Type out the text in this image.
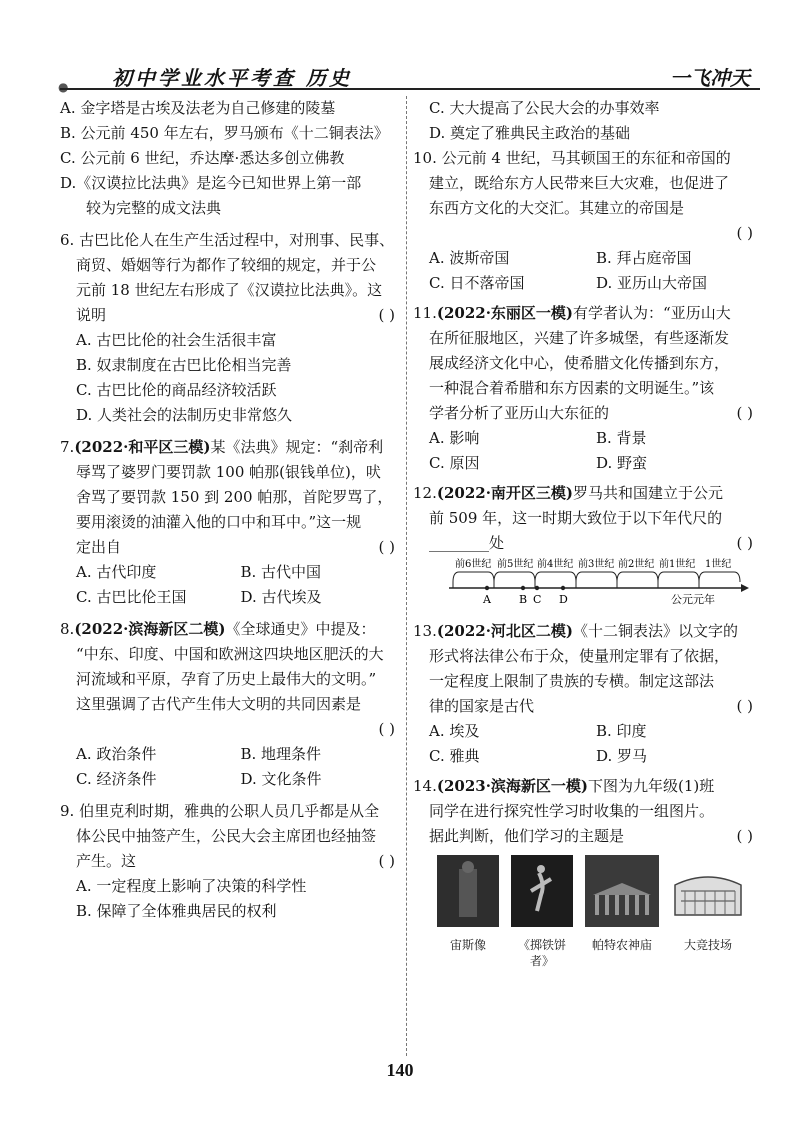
● 初中学业水平考查 历史	一飞冲天
A. 金字塔是古埃及法老为自己修建的陵墓
B. 公元前 450 年左右，罗马颁布《十二铜表法》
C. 公元前 6 世纪，乔达摩·悉达多创立佛教
D.《汉谟拉比法典》是迄今已知世界上第一部
较为完整的成文法典
6. 古巴比伦人在生产生活过程中，对刑事、民事、
商贸、婚姻等行为都作了较细的规定，并于公
元前 18 世纪左右形成了《汉谟拉比法典》。这
说明	( )
A. 古巴比伦的社会生活很丰富
B. 奴隶制度在古巴比伦相当完善
C. 古巴比伦的商品经济较活跃
D. 人类社会的法制历史非常悠久
7.(2022·和平区三模)某《法典》规定：“刹帝利
辱骂了婆罗门要罚款 100 帕那(银钱单位)，吠
舍骂了要罚款 150 到 200 帕那，首陀罗骂了，
要用滚烫的油灌入他的口中和耳中。”这一规
定出自	( )
A. 古代印度	B. 古代中国
C. 古巴比伦王国	D. 古代埃及
8.(2022·滨海新区二模)《全球通史》中提及：
“中东、印度、中国和欧洲这四块地区肥沃的大
河流域和平原，孕育了历史上最伟大的文明。”
这里强调了古代产生伟大文明的共同因素是
( )
A. 政治条件	B. 地理条件
C. 经济条件	D. 文化条件
9. 伯里克利时期，雅典的公职人员几乎都是从全
体公民中抽签产生，公民大会主席团也经抽签
产生。这	( )
A. 一定程度上影响了决策的科学性
B. 保障了全体雅典居民的权利
C. 大大提高了公民大会的办事效率
D. 奠定了雅典民主政治的基础
10. 公元前 4 世纪，马其顿国王的东征和帝国的
建立，既给东方人民带来巨大灾难，也促进了
东西方文化的大交汇。其建立的帝国是
( )
A. 波斯帝国	B. 拜占庭帝国
C. 日不落帝国	D. 亚历山大帝国
11.(2022·东丽区一模)有学者认为：“亚历山大
在所征服地区，兴建了许多城堡，有些逐渐发
展成经济文化中心，使希腊文化传播到东方，
一种混合着希腊和东方因素的文明诞生。”该
学者分析了亚历山大东征的	( )
A. 影响	B. 背景
C. 原因	D. 野蛮
12.(2022·南开区三模)罗马共和国建立于公元
前 509 年，这一时期大致位于以下年代尺的
________处	( )
前6世纪 前5世纪 前4世纪 前3世纪 前2世纪 前1世纪 1世纪
A	B C D	公元元年
13.(2022·河北区二模)《十二铜表法》以文字的
形式将法律公布于众，使量刑定罪有了依据，
一定程度上限制了贵族的专横。制定这部法
律的国家是古代	( )
A. 埃及	B. 印度
C. 雅典	D. 罗马
14.(2023·滨海新区一模)下图为九年级(1)班
同学在进行探究性学习时收集的一组图片。
据此判断，他们学习的主题是	( )
宙斯像	《掷铁饼者》
帕特农神庙	大竞技场
140
